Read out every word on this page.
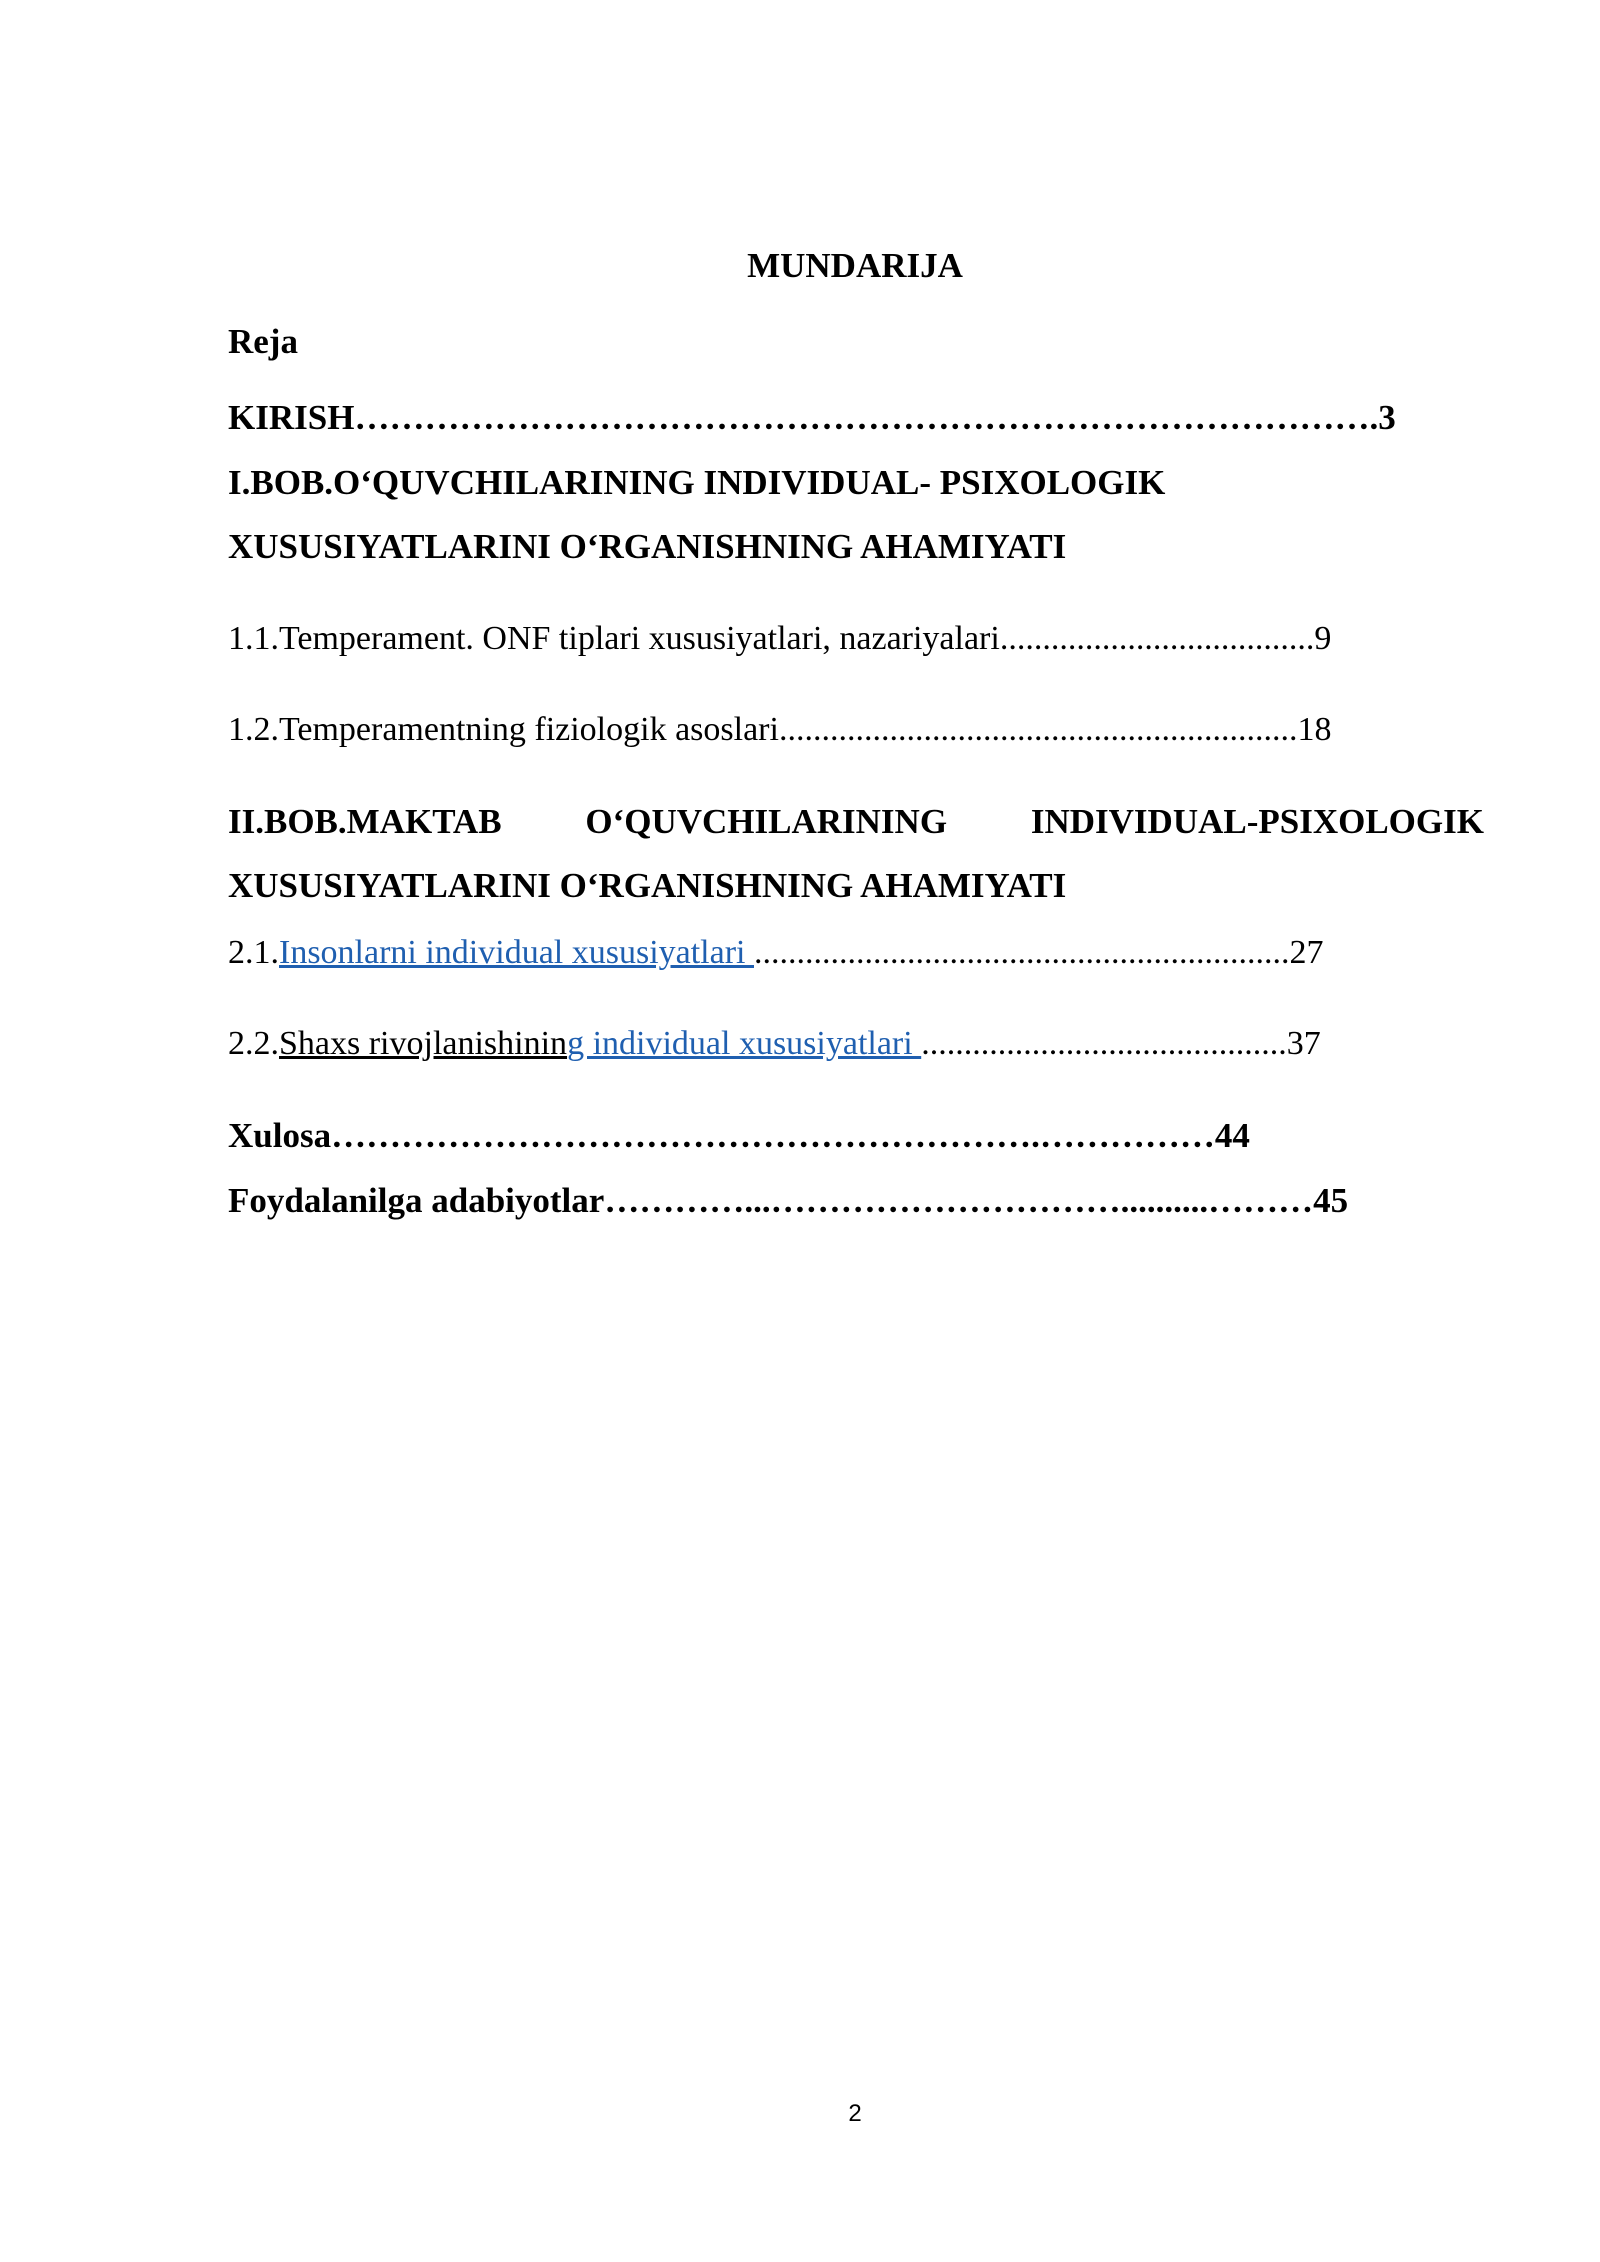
MUNDARIJA
Reja
KIRISH…………………………………………………………………………….3
I.BOB.O‘QUVCHILARINING INDIVIDUAL- PSIXOLOGIK
XUSUSIYATLARINI O‘RGANISHNING AHAMIYATI
1.1.Temperament. ONF tiplari xususiyatlari, nazariyalari.....................................9
1.2.Temperamentning fiziologik asoslari.............................................................18
II.BOB.MAKTAB O‘QUVCHILARINING INDIVIDUAL-PSIXOLOGIK
XUSUSIYATLARINI O‘RGANISHNING AHAMIYATI
2.1.Insonlarni individual xususiyatlari ...............................................................27
2.2.Shaxs rivojlanishining individual xususiyatlari ...........................................37
Xulosa…………………………………………………….……………44
Foydalanilga adabiyotlar…………...…………………………..........………45
2
